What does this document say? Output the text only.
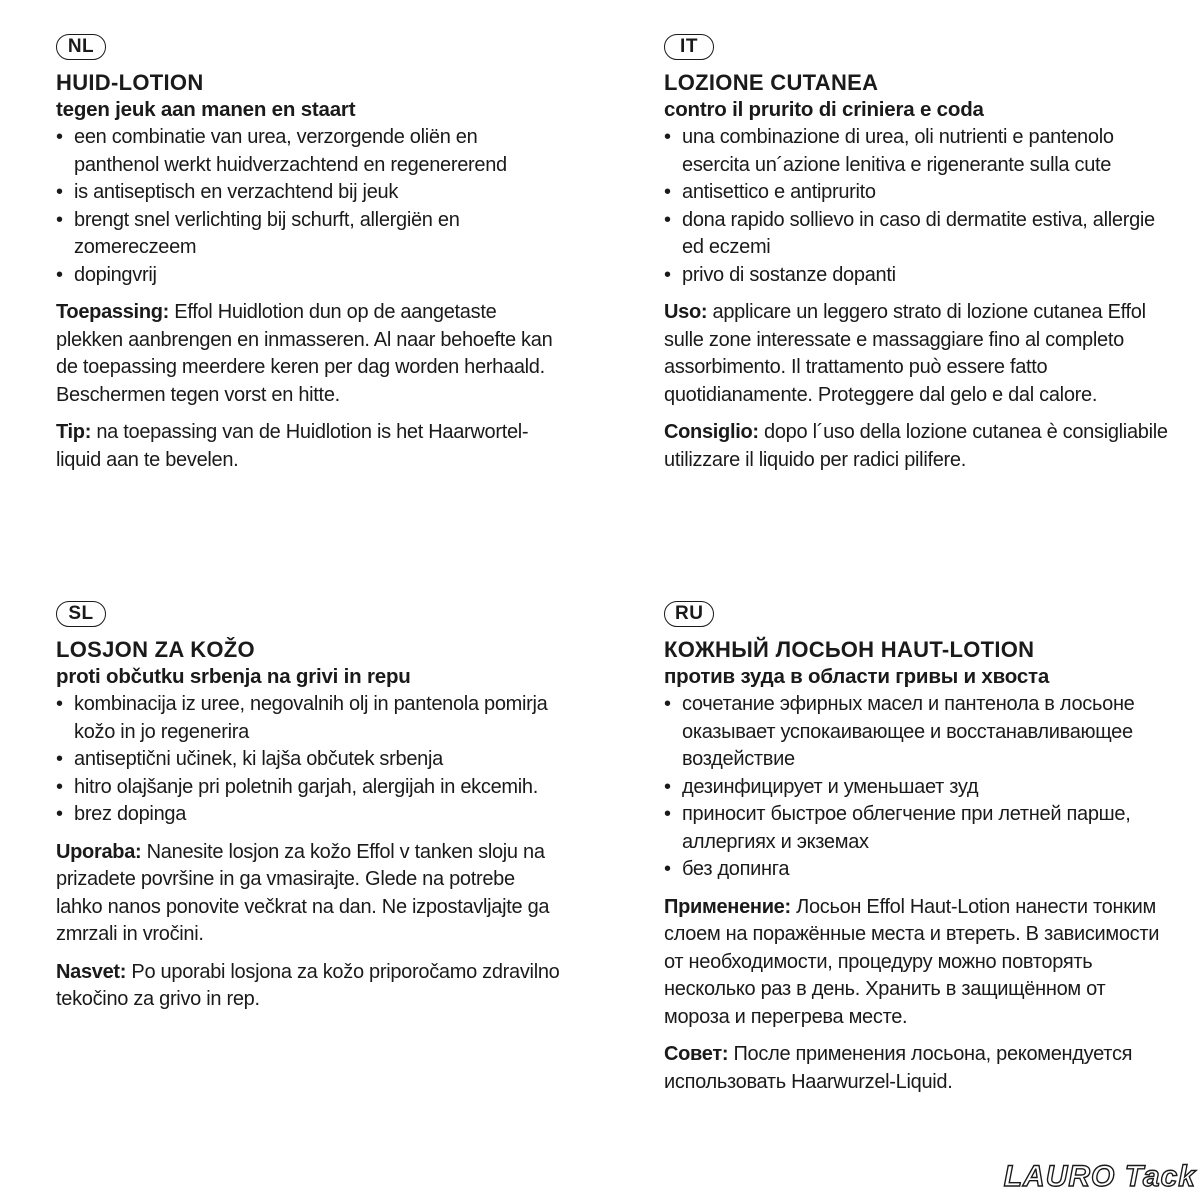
NL
HUID-LOTION
tegen jeuk aan manen en staart
• een combinatie van urea, verzorgende oliën en panthenol werkt huidverzachtend en regenererend
• is antiseptisch en verzachtend bij jeuk
• brengt snel verlichting bij schurft, allergiën en zomereczeem
• dopingvrij
Toepassing: Effol Huidlotion dun op de aangetaste plekken aanbrengen en inmasseren. Al naar behoefte kan de toepassing meerdere keren per dag worden herhaald. Beschermen tegen vorst en hitte.
Tip: na toepassing van de Huidlotion is het Haarwortel-liquid aan te bevelen.
IT
LOZIONE CUTANEA
contro il prurito di criniera e coda
• una combinazione di urea, oli nutrienti e pantenolo esercita un´azione lenitiva e rigenerante sulla cute
• antisettico e antiprurito
• dona rapido sollievo in caso di dermatite estiva, allergie ed eczemi
• privo di sostanze dopanti
Uso: applicare un leggero strato di lozione cutanea Effol sulle zone interessate e massaggiare fino al completo assorbimento. Il trattamento può essere fatto quotidianamente. Proteggere dal gelo e dal calore.
Consiglio: dopo l´uso della lozione cutanea è consigliabile utilizzare il liquido per radici pilifere.
SL
LOSJON ZA KOŽO
proti občutku srbenja na grivi in repu
• kombinacija iz uree, negovalnih olj in pantenola pomirja kožo in jo regenerira
• antiseptični učinek, ki lajša občutek srbenja
• hitro olajšanje pri poletnih garjah, alergijah in ekcemih.
• brez dopinga
Uporaba: Nanesite losjon za kožo Effol v tanken sloju na prizadete površine in ga vmasirajte. Glede na potrebe lahko nanos ponovite večkrat na dan. Ne izpostavljajte ga zmrzali in vročini.
Nasvet: Po uporabi losjona za kožo priporočamo zdravilno tekočino za grivo in rep.
RU
КОЖНЫЙ ЛОСЬОН HAUT-LOTION
против зуда в области гривы и хвоста
• сочетание эфирных масел и пантенола в лосьоне оказывает успокаивающее и восстанавливающее воздействие
• дезинфицирует и уменьшает зуд
• приносит быстрое облегчение при летней парше, аллергиях и экземах
• без допинга
Применение: Лосьон Effol Haut-Lotion нанести тонким слоем на поражённые места и втереть. В зависимости от необходимости, процедуру можно повторять несколько раз в день. Хранить в защищённом от мороза и перегрева месте.
Совет: После применения лосьона, рекомендуется использовать Haarwurzel-Liquid.
LAURO Tack
